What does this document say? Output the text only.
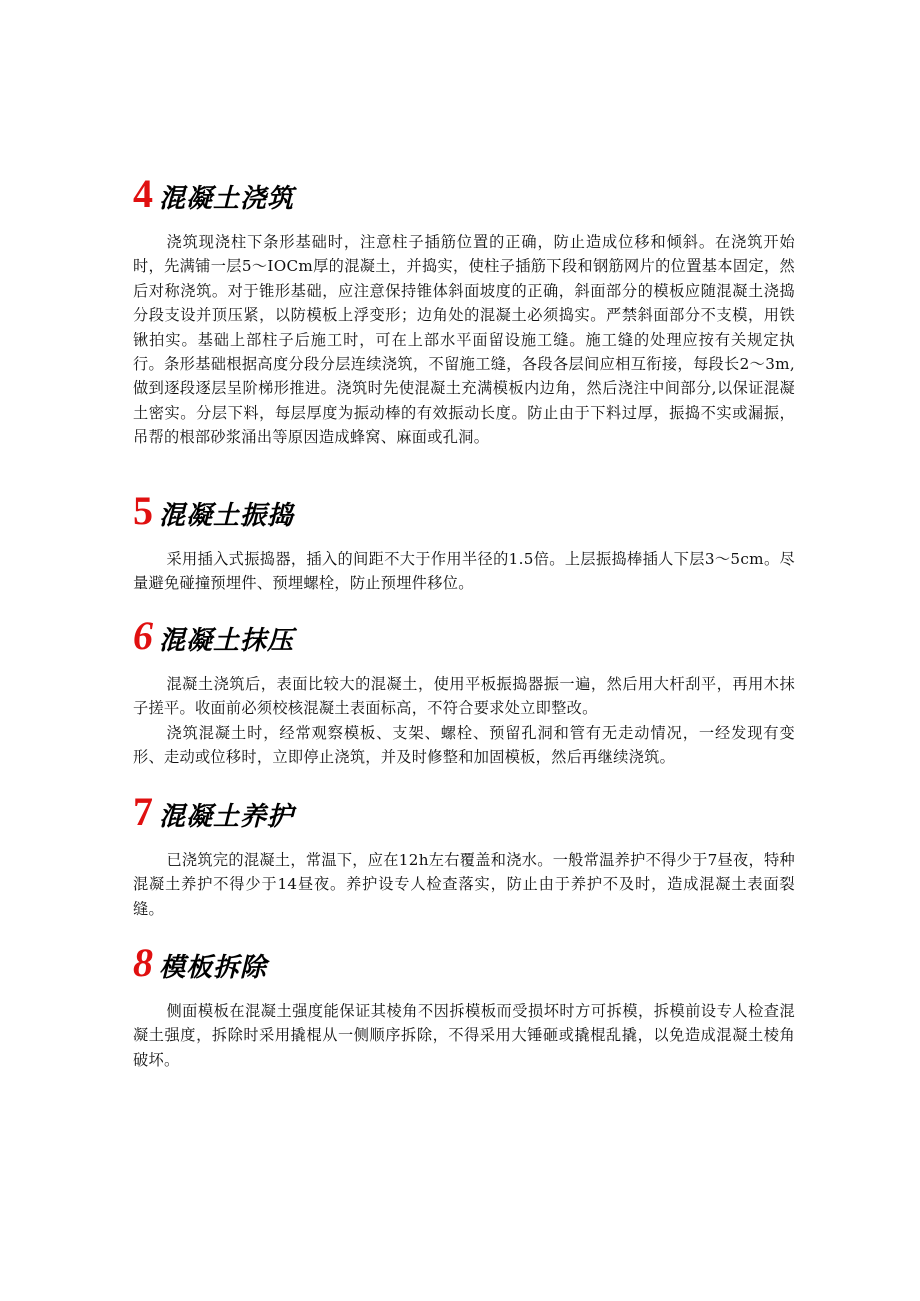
4 混凝土浇筑

浇筑现浇柱下条形基础时，注意柱子插筋位置的正确，防止造成位移和倾斜。在浇筑开始时，先满铺一层5～IOCm厚的混凝土，并捣实，使柱子插筋下段和钢筋网片的位置基本固定，然后对称浇筑。对于锥形基础，应注意保持锥体斜面坡度的正确，斜面部分的模板应随混凝土浇捣分段支设并顶压紧，以防模板上浮变形；边角处的混凝土必须捣实。严禁斜面部分不支模，用铁锹拍实。基础上部柱子后施工时，可在上部水平面留设施工缝。施工缝的处理应按有关规定执行。条形基础根据高度分段分层连续浇筑，不留施工缝，各段各层间应相互衔接，每段长2～3m,做到逐段逐层呈阶梯形推进。浇筑时先使混凝土充满模板内边角，然后浇注中间部分,以保证混凝土密实。分层下料，每层厚度为振动棒的有效振动长度。防止由于下料过厚，振捣不实或漏振，吊帮的根部砂浆涌出等原因造成蜂窝、麻面或孔洞。

5 混凝土振捣

采用插入式振捣器，插入的间距不大于作用半径的1.5倍。上层振捣棒插人下层3～5cm。尽量避免碰撞预埋件、预埋螺栓，防止预埋件移位。

6 混凝土抹压

混凝土浇筑后，表面比较大的混凝土，使用平板振捣器振一遍，然后用大杆刮平，再用木抹子搓平。收面前必须校核混凝土表面标高，不符合要求处立即整改。

浇筑混凝土时，经常观察模板、支架、螺栓、预留孔洞和管有无走动情况，一经发现有变形、走动或位移时，立即停止浇筑，并及时修整和加固模板，然后再继续浇筑。

7 混凝土养护

已浇筑完的混凝土，常温下，应在12h左右覆盖和浇水。一般常温养护不得少于7昼夜，特种混凝土养护不得少于14昼夜。养护设专人检查落实，防止由于养护不及时，造成混凝土表面裂缝。

8 模板拆除

侧面模板在混凝土强度能保证其棱角不因拆模板而受损坏时方可拆模，拆模前设专人检查混凝土强度，拆除时采用撬棍从一侧顺序拆除，不得采用大锤砸或撬棍乱撬，以免造成混凝土棱角破坏。
